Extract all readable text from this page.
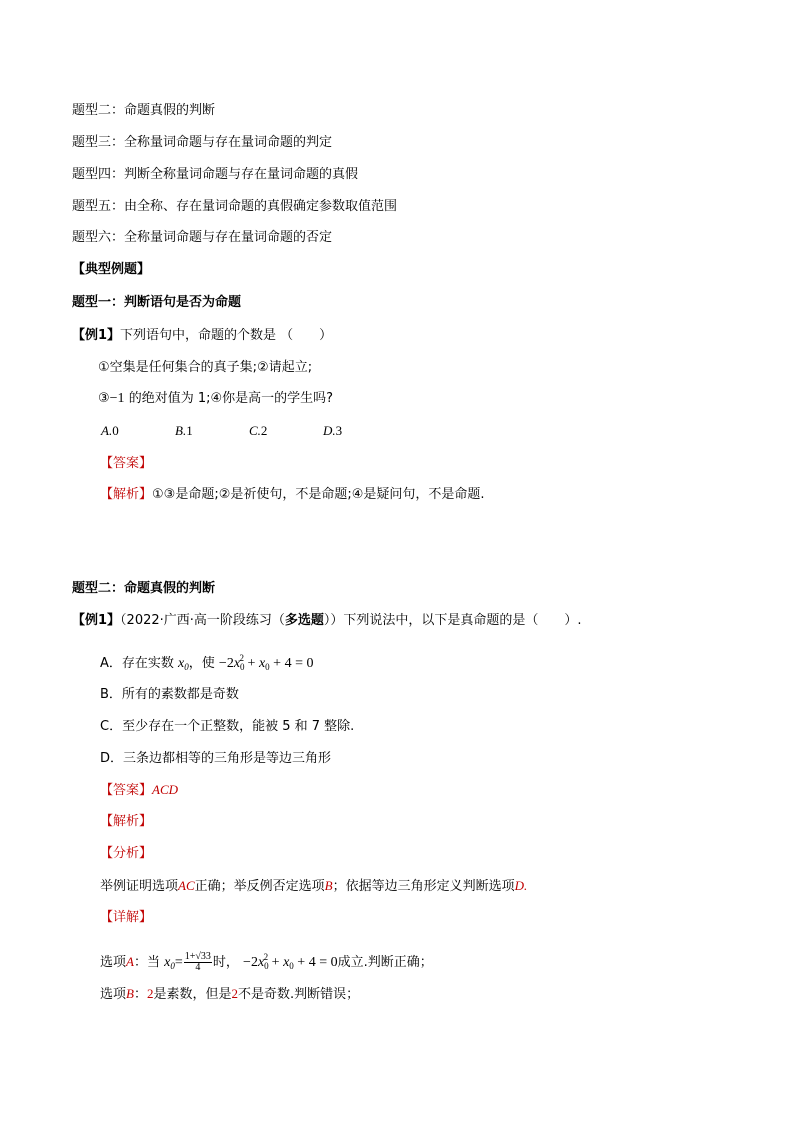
题型二：命题真假的判断
题型三：全称量词命题与存在量词命题的判定
题型四：判断全称量词命题与存在量词命题的真假
题型五：由全称、存在量词命题的真假确定参数取值范围
题型六：全称量词命题与存在量词命题的否定
【典型例题】
题型一：判断语句是否为命题
【例1】下列语句中，命题的个数是 （　　）
①空集是任何集合的真子集;②请起立;
③−1 的绝对值为 1;④你是高一的学生吗?
A.0	B.1	C.2	D.3
【答案】
【解析】①③是命题;②是祈使句，不是命题;④是疑问句，不是命题.
题型二：命题真假的判断
【例1】（2022·广西·高一阶段练习（多选题））下列说法中，以下是真命题的是（　　）.
A．存在实数 $x_0$，使 $-2x_0^2 + x_0 + 4 = 0$
B．所有的素数都是奇数
C．至少存在一个正整数，能被 5 和 7 整除.
D．三条边都相等的三角形是等边三角形
【答案】ACD
【解析】
【分析】
举例证明选项AC正确；举反例否定选项B；依据等边三角形定义判断选项D.
【详解】
选项A：当 $x_0= \frac{1+√33}{4}$ 时， $-2x_0^2 + x_0 + 4 = 0$成立.判断正确；
选项B：2是素数，但是2不是奇数.判断错误；
